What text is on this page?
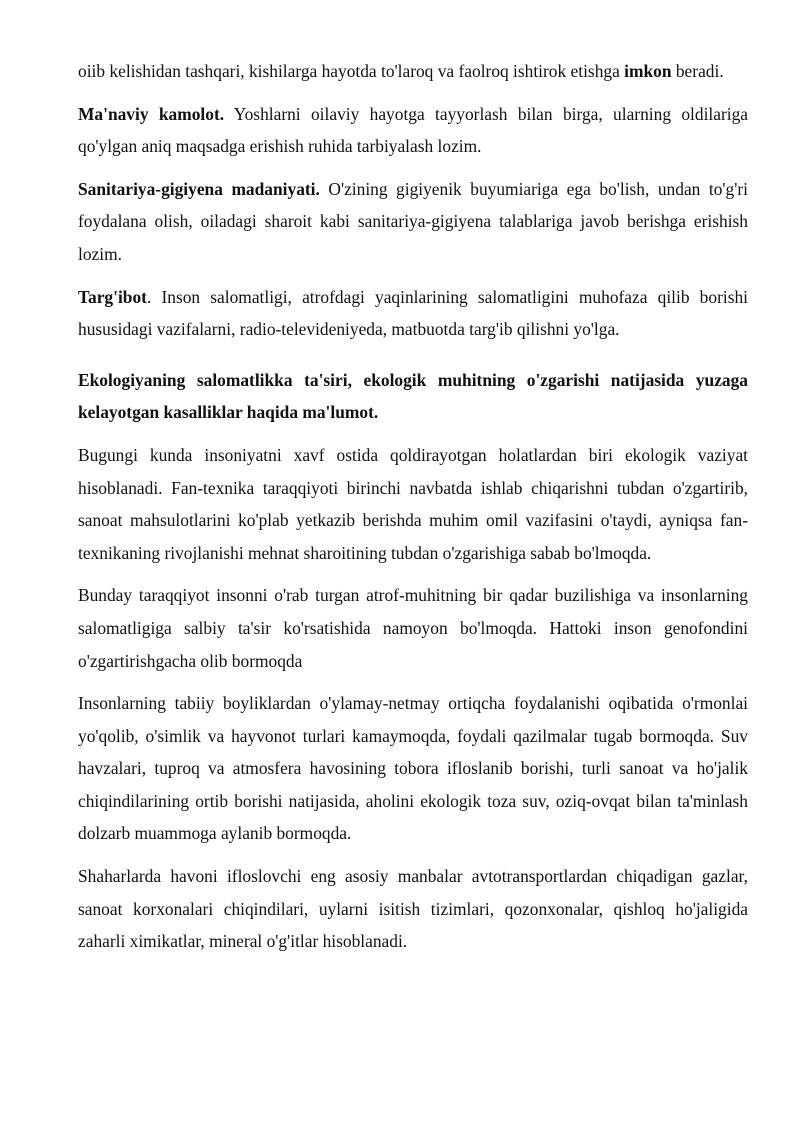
oiib kelishidan tashqari, kishilarga hayotda to'laroq va faolroq ishtirok etishga imkon beradi.

Ma'naviy kamolot. Yoshlarni oilaviy hayotga tayyorlash bilan birga, ularning oldilariga qo'ylgan aniq maqsadga erishish ruhida tarbiyalash lozim.

Sanitariya-gigiyena madaniyati. O'zining gigiyenik buyumiariga ega bo'lish, undan to'g'ri foydalana olish, oiladagi sharoit kabi sanitariya-gigiyena talablariga javob berishga erishish lozim.

Targ'ibot. Inson salomatligi, atrofdagi yaqinlarining salomatligini muhofaza qilib borishi hususidagi vazifalarni, radio-televideniyeda, matbuotda targ'ib qilishni yo'lga.

Ekologiyaning salomatlikka ta'siri, ekologik muhitning o'zgarishi natijasida yuzaga kelayotgan kasalliklar haqida ma'lumot.

Bugungi kunda insoniyatni xavf ostida qoldirayotgan holatlardan biri ekologik vaziyat hisoblanadi. Fan-texnika taraqqiyoti birinchi navbatda ishlab chiqarishni tubdan o'zgartirib, sanoat mahsulotlarini ko'plab yetkazib berishda muhim omil vazifasini o'taydi, ayniqsa fan-texnikaning rivojlanishi mehnat sharoitining tubdan o'zgarishiga sabab bo'lmoqda.

Bunday taraqqiyot insonni o'rab turgan atrof-muhitning bir qadar buzilishiga va insonlarning salomatligiga salbiy ta'sir ko'rsatishida namoyon bo'lmoqda. Hattoki inson genofondini o'zgartirishgacha olib bormoqda

Insonlarning tabiiy boyliklardan o'ylamay-netmay ortiqcha foydalanishi oqibatida o'rmonlai yo'qolib, o'simlik va hayvonot turlari kamaymoqda, foydali qazilmalar tugab bormoqda. Suv havzalari, tuproq va atmosfera havosining tobora ifloslanib borishi, turli sanoat va ho'jalik chiqindilarining ortib borishi natijasida, aholini ekologik toza suv, oziq-ovqat bilan ta'minlash dolzarb muammoga aylanib bormoqda.

Shaharlarda havoni ifloslovchi eng asosiy manbalar avtotransportlardan chiqadigan gazlar, sanoat korxonalari chiqindilari, uylarni isitish tizimlari, qozonxonalar, qishloq ho'jaligida zaharli ximikatlar, mineral o'g'itlar hisoblanadi.
